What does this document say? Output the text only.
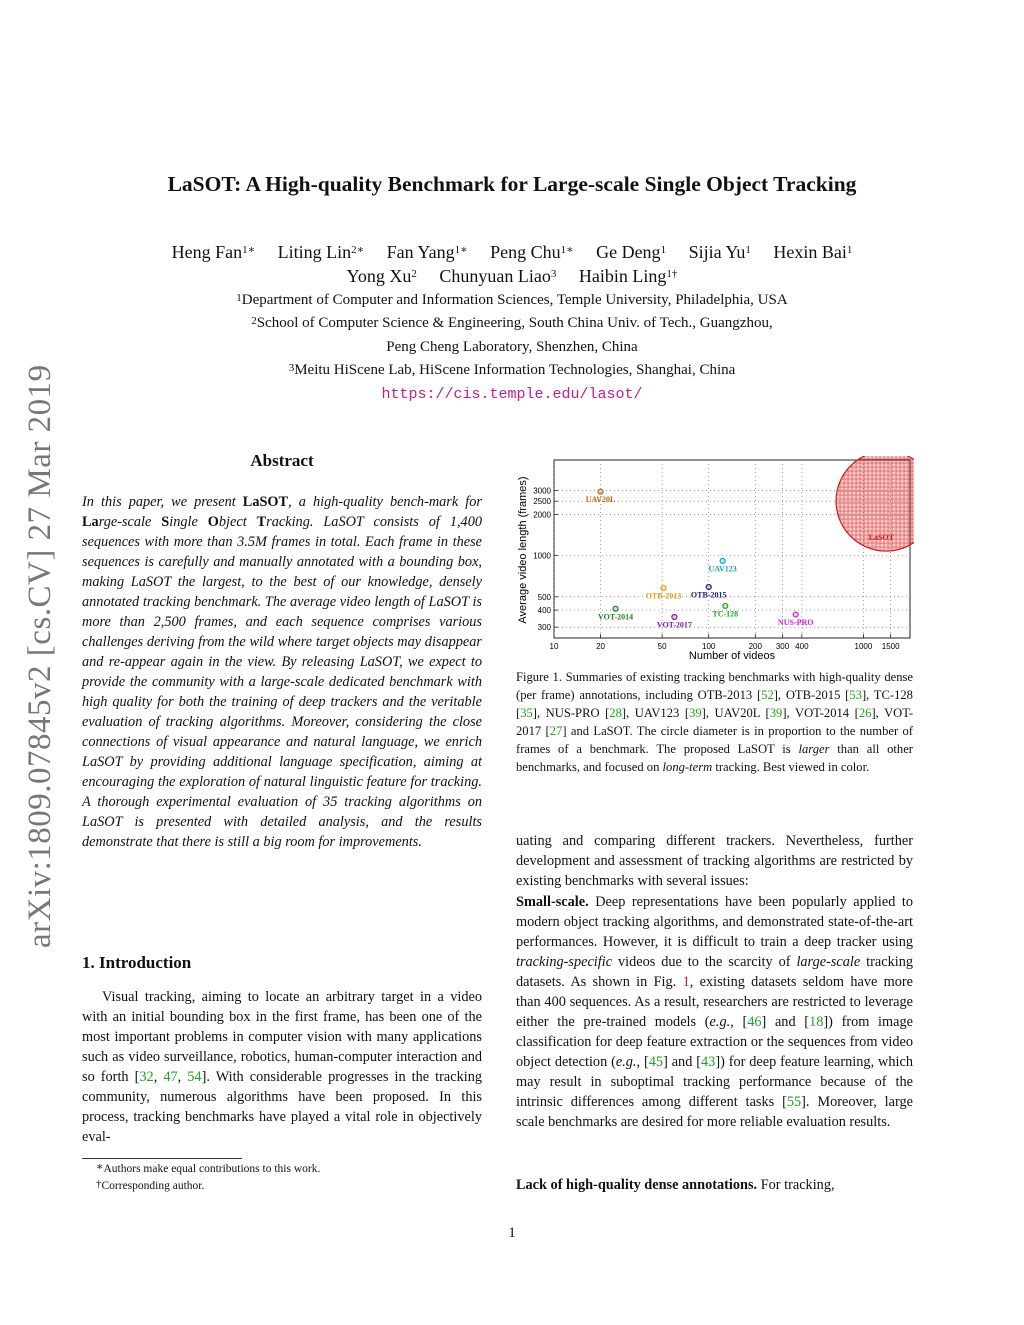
LaSOT: A High-quality Benchmark for Large-scale Single Object Tracking
Heng Fan$^{1∗}$ Liting Lin$^{2∗}$ Fan Yang$^{1∗}$ Peng Chu$^{1∗}$ Ge Deng$^1$ Sijia Yu$^1$ Hexin Bai$^1$
Yong Xu$^2$ Chunyuan Liao$^3$ Haibin Ling$^{1\dagger}$
$^1$Department of Computer and Information Sciences, Temple University, Philadelphia, USA
$^2$School of Computer Science & Engineering, South China Univ. of Tech., Guangzhou,
Peng Cheng Laboratory, Shenzhen, China
$^3$Meitu HiScene Lab, HiScene Information Technologies, Shanghai, China
https://cis.temple.edu/lasot/
arXiv:1809.07845v2 [cs.CV] 27 Mar 2019	Abstract
In this paper, we present LaSOT, a high-quality bench-mark for Large-scale Single Object Tracking. LaSOT consists of 1,400 sequences with more than 3.5M frames in total. Each frame in these sequences is carefully and manually annotated with a bounding box, making LaSOT the largest, to the best of our knowledge, densely annotated tracking benchmark. The average video length of LaSOT is more than 2,500 frames, and each sequence comprises various challenges deriving from the wild where target objects may disappear and re-appear again in the view. By releasing LaSOT, we expect to provide the community with a large-scale dedicated benchmark with high quality for both the training of deep trackers and the veritable evaluation of tracking algorithms. Moreover, considering the close connections of visual appearance and natural language, we enrich LaSOT by providing additional language specification, aiming at encouraging the exploration of natural linguistic feature for tracking. A thorough experimental evaluation of 35 tracking algorithms on LaSOT is presented with detailed analysis, and the results demonstrate that there is still a big room for improvements.
1. Introduction
Visual tracking, aiming to locate an arbitrary target in a video with an initial bounding box in the first frame, has been one of the most important problems in computer vision with many applications such as video surveillance, robotics, human-computer interaction and so forth [32, 47, 54]. With considerable progresses in the tracking community, numerous algorithms have been proposed. In this process, tracking benchmarks have played a vital role in objectively eval-
∗Authors make equal contributions to this work.
†Corresponding author.
10	20	50	100	200 300 400	1000 1500
300
400
500
1000
2000
2500
3000
UAV20L
OTB-2013
VOT-2014
VOT-2017
OTB-2015
TC-128
UAV123
NUS-PRO
LaSOT
Number of videos
Average video length (frames)
Figure 1. Summaries of existing tracking benchmarks with high-quality dense (per frame) annotations, including OTB-2013 [52], OTB-2015 [53], TC-128 [35], NUS-PRO [28], UAV123 [39], UAV20L [39], VOT-2014 [26], VOT-2017 [27] and LaSOT. The circle diameter is in proportion to the number of frames of a benchmark. The proposed LaSOT is larger than all other benchmarks, and focused on long-term tracking. Best viewed in color.
uating and comparing different trackers. Nevertheless, further development and assessment of tracking algorithms are restricted by existing benchmarks with several issues:
Small-scale. Deep representations have been popularly applied to modern object tracking algorithms, and demonstrated state-of-the-art performances. However, it is difficult to train a deep tracker using tracking-specific videos due to the scarcity of large-scale tracking datasets. As shown in Fig. 1, existing datasets seldom have more than 400 sequences. As a result, researchers are restricted to leverage either the pre-trained models (e.g., [46] and [18]) from image classification for deep feature extraction or the sequences from video object detection (e.g., [45] and [43]) for deep feature learning, which may result in suboptimal tracking performance because of the intrinsic differences among different tasks [55]. Moreover, large scale benchmarks are desired for more reliable evaluation results.
Lack of high-quality dense annotations. For tracking,
1
